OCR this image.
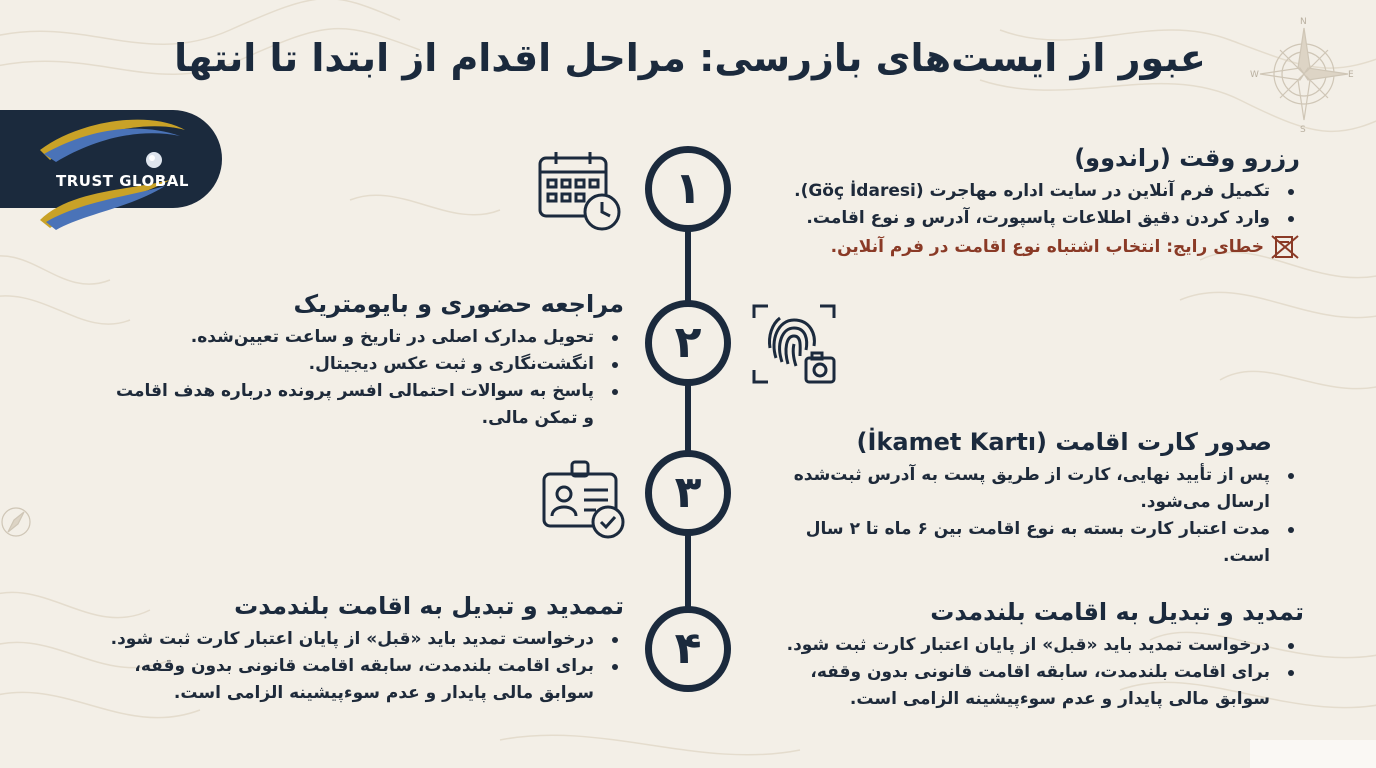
N
E
S
W
عبور از ایست‌های بازرسی: مراحل اقدام از ابتدا تا انتها
TRUST GLOBAL	۱
۲
۳
۴
رزرو وقت (راندوو)
تکمیل فرم آنلاین در سایت اداره مهاجرت (Göç İdaresi).
وارد کردن دقیق اطلاعات پاسپورت، آدرس و نوع اقامت.
خطای رایج: انتخاب اشتباه نوع اقامت در فرم آنلاین.
مراجعه حضوری و بایومتریک
تحویل مدارک اصلی در تاریخ و ساعت تعیین‌شده.
انگشت‌نگاری و ثبت عکس دیجیتال.
پاسخ به سوالات احتمالی افسر پرونده درباره هدف اقامت و تمکن مالی.
صدور کارت اقامت (İkamet Kartı)
پس از تأیید نهایی، کارت از طریق پست به آدرس ثبت‌شده ارسال می‌شود.
مدت اعتبار کارت بسته به نوع اقامت بین ۶ ماه تا ۲ سال است.
تممدید و تبدیل به اقامت بلندمدت
درخواست تمدید باید «قبل» از پایان اعتبار کارت ثبت شود.
برای اقامت بلندمدت، سابقه اقامت قانونی بدون وقفه، سوابق مالی پایدار و عدم سوءپیشینه الزامی است.
تمدید و تبدیل به اقامت بلندمدت
درخواست تمدید باید «قبل» از پایان اعتبار کارت ثبت شود.
برای اقامت بلندمدت، سابقه اقامت قانونی بدون وقفه، سوابق مالی پایدار و عدم سوءپیشینه الزامی است.
